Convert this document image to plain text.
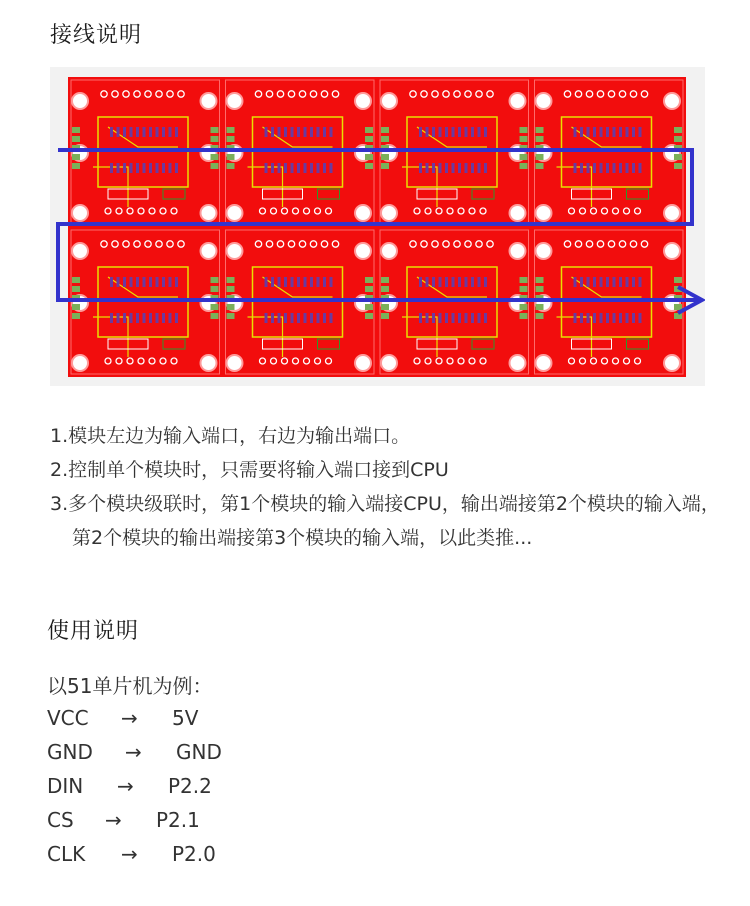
接线说明

1.模块左边为输入端口，右边为输出端口。

2.控制单个模块时，只需要将输入端口接到CPU

3.多个模块级联时，第1个模块的输入端接CPU，输出端接第2个模块的输入端，第2个模块的输出端接第3个模块的输入端，以此类推...

使用说明
以51单片机为例：
VCC → 5V
GND → GND
DIN → P2.2
CS → P2.1
CLK → P2.0
